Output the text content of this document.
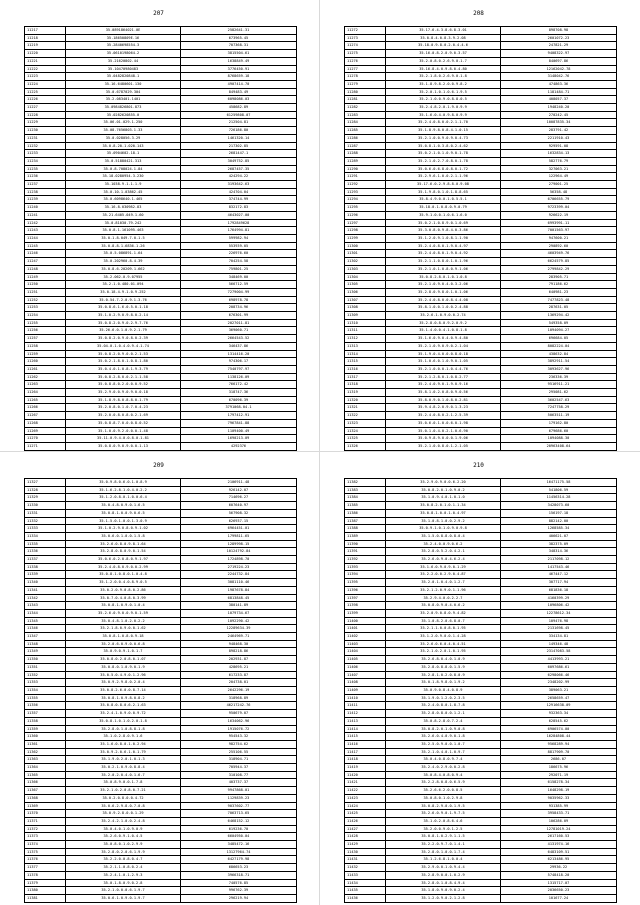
207
11217	35.0891864021.0E	2582641.31
11218	35.18650809E.16	673965.45
11219	35.2840698554.3	707368.31
11220	35.0610198064.2	3815504.61
11221	35.21620802.44	1638849.49
11222	35.10470980483	3776450.91
11223	35.0482820848.1	8768659.18
11224	35.16.6480601.130	4907414.70
11225	35.0.6787029.304	849483.49
11226	35.2.083401.1401	6098086.03
11227	35.0984826801.873	458682.89
11228	35.0282620855.0	61259808.07
11229	35.06.01.029.1.250	212504.81
11230	35.08.7656803.1.33	726186.80
11231	35.0.028056.3.29	1461320.14
11232	35.0.8.20.1.020.143	217302.85
11233	35.0904602.18.1	2681447.1
11234	35.0.51880421.313	3049752.85
11235	35.0.8.708024.1.84	2687457.35
11236	35.18.0280954.3.230	424294.22
11237	35.1038.9.1.1.1.9	3193642.63
11238	35.0.10.1.03862.45	424704.04
11239	35.0.6098640.1.465	374744.99
11240	35.16.8.030982.83	832172.83
11241	35.21.6405.049.1.60	4643027.00
11242	35.0.81030.79.242	1792849628
11243	35.0.8.1.161095.463	1764994.81
11244	35.0.1.8.049.7.0.1.5	599982.94
11245	35.0.8.8.1.6836.1.26	553939.05
11246	35.0.5.086891.1.64	226976.60
11247	35.0.202960.8.4.39	704254.58
11248	35.0.8.6.20209.1.662	759801.25
11249	35.2.062.0.9.07955	348469.00
11250	35.2.1.0.480.01.094	566712.59
11251	35.0.18.4.9.1.0.9.252	7279004.99
11252	35.0.54.7.2.0.9.1.3.76	698978.78
11253	35.0.8.6.1.6.0.5.0.1.18	208734.96
11254	35.1.0.2.9.0.9.8.0.2.14	676301.99
11255	35.0.8.2.0.9.0.2.9.7.76	2027011.81
11256	35.26.6.0.1.0.9.2.1.79	369060.71
11257	35.0.8.2.0.9.0.8.0.2.39	2664543.52
11258	35.04.0.1.0.4.0.9.4.1.74	346437.86
11259	35.0.8.2.0.9.0.0.2.1.53	1314416.20
11260	35.0.2.1.8.0.1.0.8.1.80	974306.17
11261	35.0.4.0.1.0.8.1.9.3.79	7540797.97
11262	35.0.8.2.8.0.0.2.1.1.58	1138126.09
11263	35.0.8.8.0.2.0.0.0.9.52	766172.42
11264	35.2.9.0.0.9.0.9.0.0.18	318747.36
11265	35.1.8.9.8.0.8.8.0.1.79	670096.39
11266	35.2.0.8.0.1.0.7.0.4.23	3791068.04.1
11267	35.2.0.0.8.0.8.0.2.1.69	1797412.91
11268	35.0.8.8.7.0.0.0.8.0.52	7967841.88
11269	35.1.0.0.9.2.0.0.0.1.48	1109400.49
11270	35.11.0.9.4.0.0.8.0.1.81	1690213.09
11271	35.0.8.0.9.0.9.0.0.1.13	4292376
208
11272	35.17.6.4.3.8.6.8.3.01	898708.98
11273	35.0.8.4.0.8.3.9.2.08	2601072.23
11274	35.18.0.9.8.0.2.0.4.4.6	247821.29
11275	35.16.0.8.2.0.9.0.3.57	9408322.97
11276	35.2.0.8.0.2.6.9.0.1.7	840697.86
11277	35.16.8.4.0.9.8.0.4.80	12162042.78
11278	35.2.1.8.0.2.6.9.0.1.8	3148042.76
11279	35.1.8.9.8.2.0.0.9.8.2	474863.36
11280	35.2.0.1.0.1.0.6.1.9.5	1181484.71
11281	35.2.1.0.0.9.0.8.8.0.5	408057.37
11282	35.2.4.8.2.0.1.9.0.9.9	1948240.20
11283	35.1.6.0.4.0.9.8.0.9.9	270242.45
11284	35.2.4.0.8.0.0.2.1.1.70	10087835.34
11285	35.1.8.9.8.0.8.4.1.0.15	283791.42
11286	35.2.1.0.0.9.0.9.0.4.73	2211910.43
11287	35.0.8.1.0.3.8.0.2.4.62	929591.08
11288	35.0.2.1.0.1.0.9.0.1.78	1632834.13
11289	35.2.1.0.2.7.0.8.0.1.78	582776.79
11290	35.0.6.0.6.8.0.8.0.1.72	327063.21
11291	35.2.9.6.1.0.0.2.1.1.96	122964.49
11292	35.17.6.0.2.9.8.8.0.9.08	279001.25
11293	35.1.9.8.0.1.0.1.8.8.65	56358.48
11294	35.8.4.9.0.0.1.0.5.5.1	6706655.79
11295	35.18.0.1.0.8.0.9.0.79	9723399.04
11296	35.9.1.0.0.1.0.6.1.6.0	926622.19
11297	35.0.2.1.0.8.9.0.1.0.69	6993991.11
11298	35.3.0.8.0.9.8.4.0.3.86	7001563.97
11299	35.1.2.0.9.1.0.8.1.1.90	947600.21
11300	35.2.4.0.8.0.1.9.0.4.97	290892.60
11301	35.2.4.0.8.0.1.9.0.4.92	4603949.76
11302	35.2.1.1.0.8.0.1.0.1.96	6624579.85
11303	35.2.1.0.1.0.8.0.9.1.06	2799842.29
11304	35.0.8.2.8.0.1.0.1.0.8	283905.71
11305	35.2.1.0.9.0.4.0.3.2.06	791186.62
11306	35.2.8.0.9.8.0.1.0.1.06	640981.23
11307	35.2.4.0.8.0.0.8.4.4.08	7477823.48
11308	35.8.1.0.0.1.0.0.2.4.88	287631.05
11309	35.2.6.1.0.9.0.0.2.74	1369294.42
11310	35.2.8.0.8.0.9.2.0.9.2	549358.09
11311	35.1.4.0.0.4.1.0.8.1.8	1094094.27
11312	35.1.6.0.9.0.4.0.9.4.80	696684.05
11313	35.2.1.0.9.0.9.0.2.1.04	8082224.04
11314	35.1.9.0.4.0.0.0.8.0.18	438632.84
11315	35.1.0.6.0.1.0.9.0.1.05	3892911.54
11316	35.2.1.0.0.0.1.0.4.4.76	3093627.96
11317	35.2.1.2.8.0.1.0.8.2.77	236336.39
11318	35.2.4.0.9.0.1.9.0.9.16	9516911.21
11319	35.8.1.0.2.0.8.0.9.0.56	295081.62
11320	35.8.0.9.0.1.0.8.0.2.81	3602547.63
11321	35.9.4.8.2.0.9.0.1.3.23	7247758.29
11322	35.2.4.0.8.0.2.1.2.5.39	5063511.19
11323	35.0.6.0.1.0.0.6.0.1.98	179162.80
11324	35.0.1.0.4.0.2.1.0.6.90	679686.60
11325	35.0.9.8.9.0.0.0.1.9.06	1094088.30
11326	35.2.1.0.0.8.0.1.2.1.05	20963408.64
209
11327	35.0.9.8.0.6.0.1.0.8.9	2106911.48
11328	35.1.6.2.8.1.0.4.0.2.2	926142.07
11329	35.1.2.0.8.0.1.0.0.6.4	714696.27
11330	35.0.4.8.0.9.0.1.6.5	607640.97
11331	35.0.8.1.0.0.9.0.6.5	567908.32
11332	35.1.5.0.1.0.0.1.3.0.9	626937.15
11333	35.1.0.2.9.0.8.0.9.1.02	6964451.01
11334	35.0.6.0.1.0.0.1.5.8	1799811.65
11335	35.2.6.0.8.0.9.8.1.64	1289998.15
11336	35.2.8.0.8.0.9.0.1.54	10124792.84
11337	35.0.6.0.2.0.8.0.9.1.97	1724898.70
11338	35.2.4.0.8.0.9.0.0.2.99	2719224.23
11339	35.0.8.1.0.8.0.1.0.4.8	2244732.84
11340	35.1.2.0.0.4.0.8.9.0.5	3081110.46
11341	35.0.2.0.9.0.8.0.2.86	1987678.84
11342	35.0.7.0.4.0.8.0.3.99	6813848.45
11343	35.0.8.1.0.9.0.1.0.4	380141.89
11344	35.2.6.0.9.0.0.9.0.1.59	1079734.67
11345	35.0.4.8.1.0.2.0.2.2	1092290.42
11346	35.2.1.8.0.9.0.0.1.62	12289634.39
11347	35.0.8.1.0.8.0.9.18	2464969.71
11348	35.2.0.6.0.9.0.0.6.8	948468.30
11349	35.0.9.0.9.1.0.1.7	898218.86
11350	35.0.8.0.2.0.8.0.1.07	202931.87
11351	35.0.8.0.1.0.9.0.1.9	428695.21
11352	35.0.5.0.4.9.0.1.2.96	617233.87
11353	35.0.9.2.9.8.0.2.0.4	204738.01
11354	35.0.8.2.6.0.0.8.7.14	2642296.19
11355	35.0.8.1.0.9.8.0.8.2	318968.89
11356	35.0.8.0.8.0.6.2.1.63	46217242.76
11357	35.2.4.1.0.9.0.0.9.72	950679.07
11358	35.0.8.1.0.1.0.2.0.1.8	1634062.96
11359	35.2.8.0.1.0.8.8.1.8	1915076.72
11360	35.1.0.2.8.0.9.1.6	954543.32
11361	35.1.6.0.8.0.1.0.2.94	982754.62
11362	35.0.9.2.0.6.1.0.1.79	255106.55
11363	35.1.9.0.2.0.1.0.1.3	318904.71
11364	35.0.2.1.0.9.0.8.8.4	705944.37
11365	35.2.0.2.0.4.0.1.6.7	310108.77
11366	35.0.8.9.0.0.1.7.8	403737.37
11367	35.2.1.0.2.0.8.0.7.21	9947868.01
11368	35.0.2.0.8.0.0.4.72	1129839.23
11369	35.0.6.2.9.8.0.7.0.8	9037602.77
11370	35.0.9.2.8.0.0.1.29	7063713.65
11371	35.2.4.2.1.0.0.2.4.8	6468152.12
11372	35.0.4.0.1.0.9.0.9	619236.70
11373	35.2.6.0.9.1.0.4.5	6604950.04
11374	35.0.8.0.1.0.2.9.9	3485472.16
11375	35.2.8.0.2.0.6.1.9.9	13127964.74
11376	35.2.2.0.0.8.0.4.7	6427179.98
11377	35.2.1.1.0.8.0.2.4	686653.23
11378	35.2.4.1.0.1.2.9.3	3966318.71
11379	35.0.1.8.0.9.0.2.8	740576.85
11380	35.2.1.0.0.0.6.1.9.7	996762.39
11381	35.0.6.1.0.9.0.1.9.7	296219.94
210
11382	35.2.9.0.9.0.0.6.2.20	16471175.58
11383	35.0.8.2.0.1.0.9.0.2	541806.59
11384	35.1.0.9.4.0.1.0.1.0	11456314.28
11385	35.0.8.2.0.1.0.1.1.34	3428073.60
11386	35.0.8.1.0.0.1.0.4.97	156197.18
11387	35.1.0.8.1.0.0.2.9.2	882142.00
11388	35.0.9.1.0.1.0.9.0.9.8	1268585.34
11389	35.1.5.0.8.8.0.8.0.4	406621.07
11390	35.2.4.0.0.9.0.6.2	382375.09
11391	35.2.8.0.5.2.0.4.2.1	348314.36
11392	35.2.6.0.9.0.4.6.2.4	2117098.12
11393	35.1.6.0.9.0.9.0.1.29	1417543.46
11394	35.2.2.0.0.2.9.0.4.87	467447.12
11395	35.2.0.1.0.4.0.1.2.7	307717.94
11396	35.2.1.2.0.9.0.1.1.96	681836.18
11397	35.2.9.4.0.0.2.2.7	4160399.29
11398	35.0.8.0.9.0.4.0.6.2	1096806.42
11399	35.2.0.9.0.8.0.9.4.82	12278612.34
11400	35.1.0.8.2.0.6.8.0.7	109476.98
11401	35.2.1.1.0.0.8.0.1.95	2131698.45
11402	35.1.2.0.9.0.0.1.4.28	334134.81
11403	35.2.6.0.6.0.4.0.4.51	149346.48
11404	35.2.1.0.2.0.1.0.1.95	23147083.58
11405	35.2.6.8.0.4.0.1.0.9	4413993.21
11406	35.2.8.0.8.8.0.1.5.9	6097686.61
11407	35.2.8.1.0.2.0.8.0.9	6298066.46
11408	35.0.1.8.9.8.0.1.9.2	2348202.99
11409	35.0.9.0.8.4.0.8.9	389063.21
11410	35.1.9.0.1.2.0.2.3.5	2658659.47
11411	35.2.4.0.8.0.1.8.7.8	12916638.09
11412	35.2.8.0.8.0.0.1.2.1	932363.34
11413	35.0.8.2.8.0.7.2.4	628545.62
11414	35.0.8.2.0.1.0.9.0.8	6906574.00
11415	35.2.6.0.4.0.9.0.1.8	16284808.44
11416	35.2.5.0.9.0.0.1.0.7	9568289.94
11417	35.2.1.0.4.0.1.0.9.7	8817909.70
11418	35.0.4.0.8.0.9.7.4	2686.07
11419	35.2.4.0.2.9.0.0.2.8	186675.96
11420	35.0.8.4.0.8.0.9.4	292071.19
11421	35.2.2.8.0.8.0.6.5.9	6158278.34
11422	35.2.6.6.2.0.0.8.5	1648298.19
11423	35.0.8.0.1.0.2.9.8	9035962.33
11424	35.0.8.2.9.0.0.1.9.5	931385.99
11425	35.2.6.0.9.0.1.9.7.5	3958433.71
11426	35.1.0.2.0.8.6.4.6	106286.09
11427	35.2.0.0.9.0.1.2.5	12781019.24
11428	35.0.8.1.0.2.9.1.1.5	2617160.53
11429	35.2.2.0.9.7.0.1.4.1	4131974.16
11430	35.2.8.0.1.0.0.1.7.4	6483109.51
11431	35.1.2.6.8.1.0.0.4	6213486.95
11432	35.2.9.0.0.1.0.9.4.4	29936.22
11433	35.2.8.9.0.0.1.0.2.9	5748418.20
11434	35.2.8.0.1.0.8.4.9.4	1315717.07
11435	35.1.8.0.9.0.9.0.2.4	2036650.23
11436	35.1.2.0.9.0.2.1.2.8	101677.24
